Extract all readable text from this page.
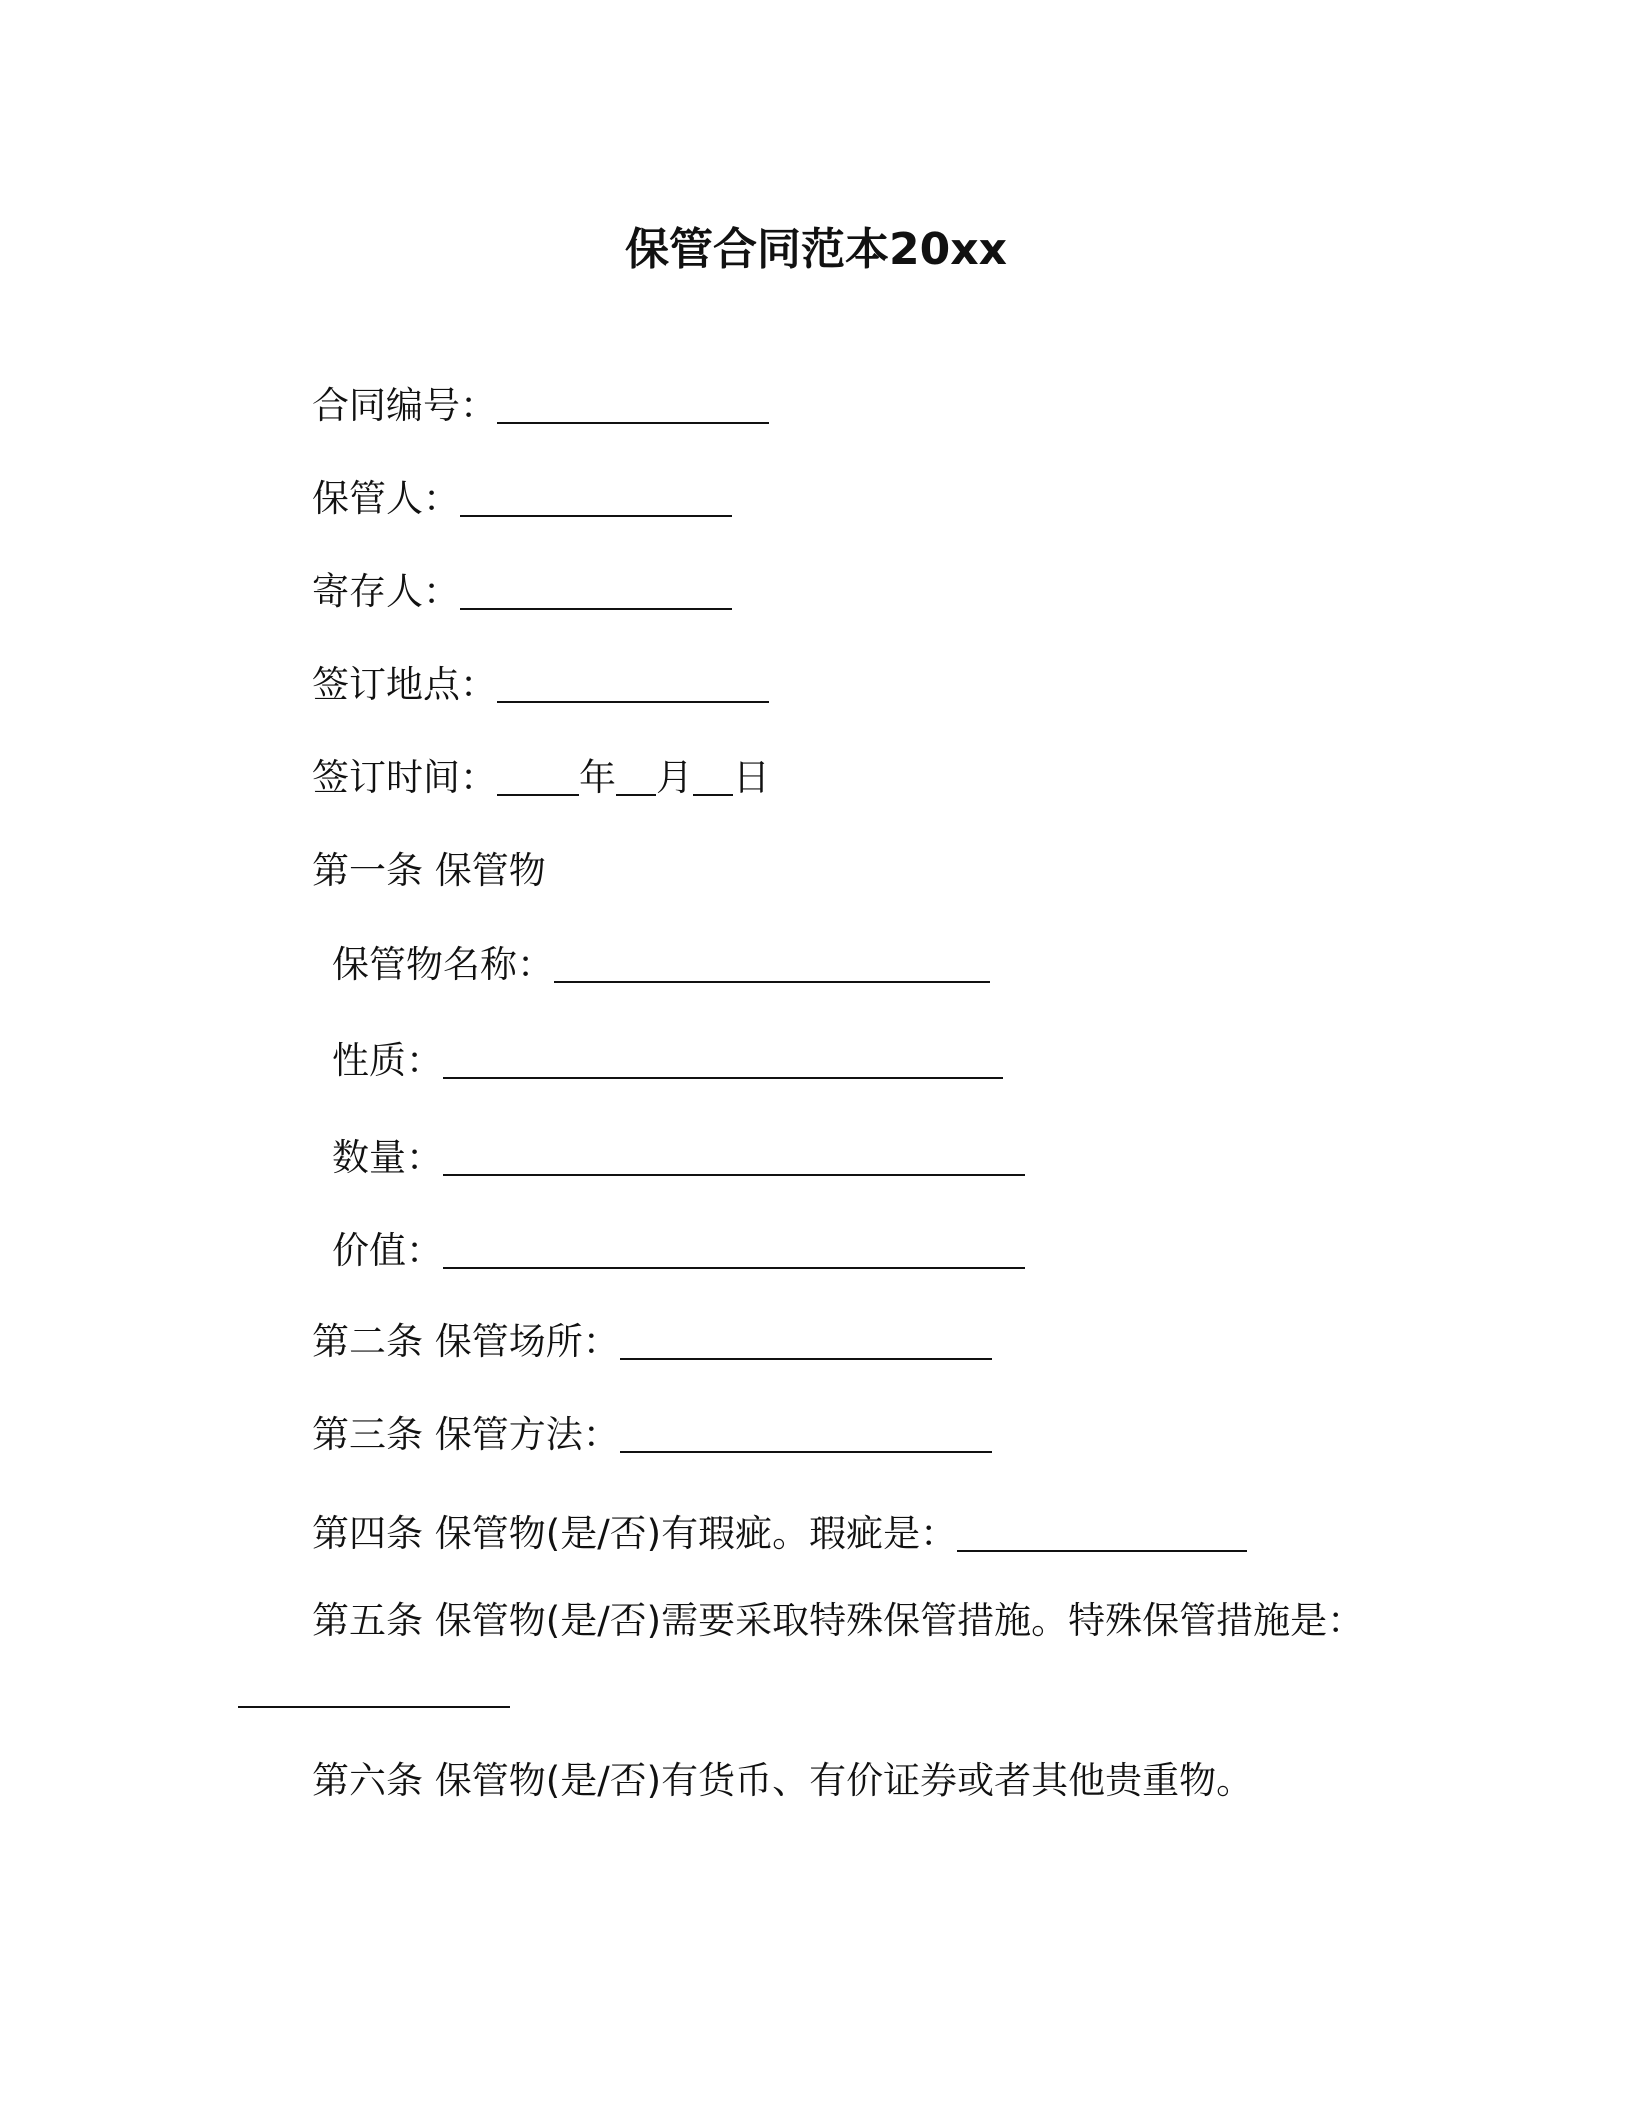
保管合同范本20xx
合同编号：
保管人：
寄存人：
签订地点：
签订时间： 年 月 日
第一条 保管物
保管物名称：
性质：
数量：
价值：
第二条 保管场所：
第三条 保管方法：
第四条 保管物(是/否)有瑕疵。瑕疵是：
第五条 保管物(是/否)需要采取特殊保管措施。特殊保管措施是：
第六条 保管物(是/否)有货币、有价证券或者其他贵重物。
